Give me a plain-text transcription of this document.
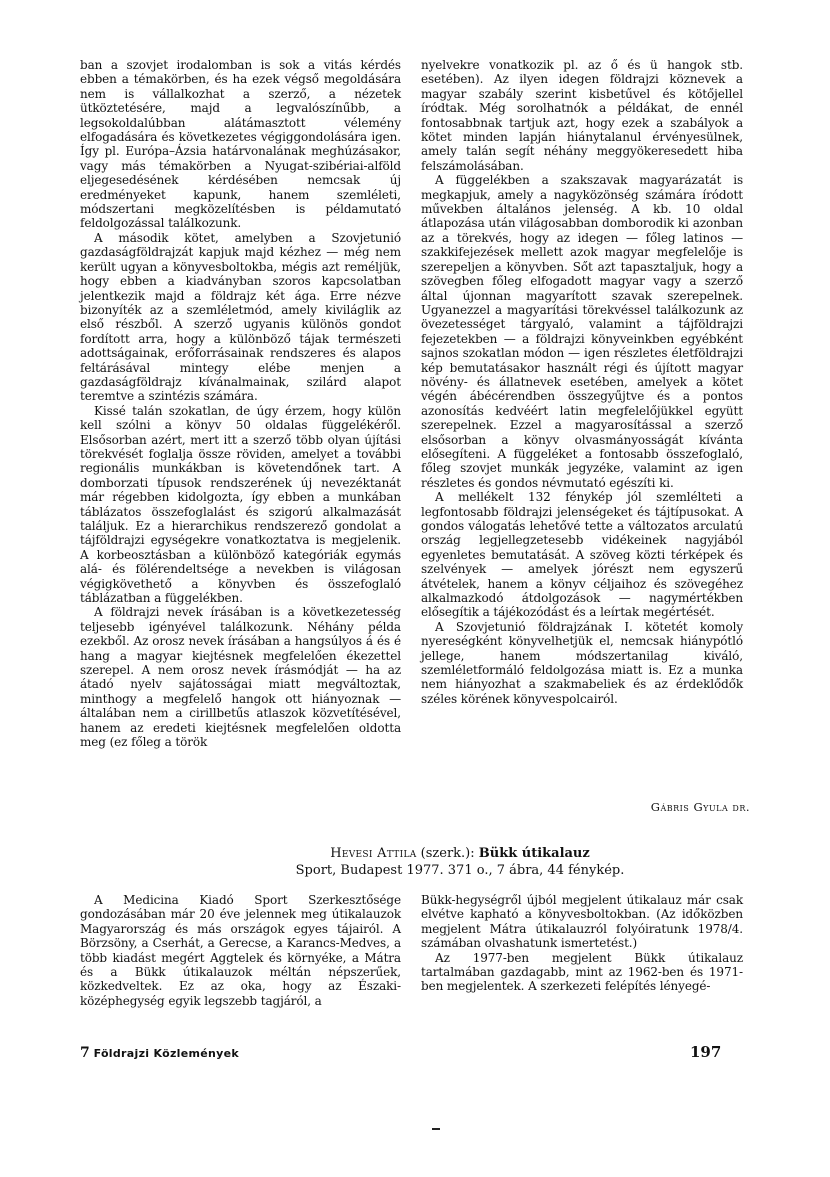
ban a szovjet irodalomban is sok a vitás kérdés ebben a témakörben, és ha ezek végső megoldására nem is vállalkozhat a szerző, a nézetek ütköztetésére, majd a legvalószínűbb, a legsokoldalúbban alátámasztott vélemény elfogadására és következetes végiggondolására igen. Így pl. Európa–Ázsia határvonalának meghúzásakor, vagy más témakörben a Nyugat-szibériai-alföld eljegesedésének kérdésében nemcsak új eredményeket kapunk, hanem szemléleti, módszertani megközelítésben is példamutató feldolgozással találkozunk.

A második kötet, amelyben a Szovjetunió gazdaságföldrajzát kapjuk majd kézhez — még nem került ugyan a könyvesboltokba, mégis azt reméljük, hogy ebben a kiadványban szoros kapcsolatban jelentkezik majd a földrajz két ága. Erre nézve bizonyíték az a szemléletmód, amely kiviláglik az első részből. A szerző ugyanis különös gondot fordított arra, hogy a különböző tájak természeti adottságainak, erőforrásainak rendszeres és alapos feltárásával mintegy elébe menjen a gazdaságföldrajz kívánalmainak, szilárd alapot teremtve a szintézis számára.

Kissé talán szokatlan, de úgy érzem, hogy külön kell szólni a könyv 50 oldalas függelékéről. Elsősorban azért, mert itt a szerző több olyan újítási törekvését foglalja össze röviden, amelyet a további regionális munkákban is követendőnek tart. A domborzati típusok rendszerének új nevezéktanát már régebben kidolgozta, így ebben a munkában táblázatos összefoglalást és szigorú alkalmazását találjuk. Ez a hierarchikus rendszerező gondolat a tájföldrajzi egységekre vonatkoztatva is megjelenik. A korbeosztásban a különböző kategóriák egymás alá- és fölérendeltsége a nevekben is világosan végigkövethető a könyvben és összefoglaló táblázatban a függelékben.

A földrajzi nevek írásában is a következetesség teljesebb igényével találkozunk. Néhány példa ezekből. Az orosz nevek írásában a hangsúlyos á és é hang a magyar kiejtésnek megfelelően ékezettel szerepel. A nem orosz nevek írásmódját — ha az átadó nyelv sajátosságai miatt megváltoztak, minthogy a megfelelő hangok ott hiányoznak — általában nem a cirillbetűs atlaszok közvetítésével, hanem az eredeti kiejtésnek megfelelően oldotta meg (ez főleg a török

nyelvekre vonatkozik pl. az ő és ü hangok stb. esetében). Az ilyen idegen földrajzi köznevek a magyar szabály szerint kisbetűvel és kötőjellel íródtak. Még sorolhatnók a példákat, de ennél fontosabbnak tartjuk azt, hogy ezek a szabályok a kötet minden lapján hiánytalanul érvényesülnek, amely talán segít néhány meggyökeresedett hiba felszámolásában.

A függelékben a szakszavak magyarázatát is megkapjuk, amely a nagyközönség számára íródott művekben általános jelenség. A kb. 10 oldal átlapozása után világosabban domborodik ki azonban az a törekvés, hogy az idegen — főleg latinos — szakkifejezések mellett azok magyar megfelelője is szerepeljen a könyvben. Sőt azt tapasztaljuk, hogy a szövegben főleg elfogadott magyar vagy a szerző által újonnan magyarított szavak szerepelnek. Ugyanezzel a magyarítási törekvéssel találkozunk az övezetességet tárgyaló, valamint a tájföldrajzi fejezetekben — a földrajzi könyveinkben egyébként sajnos szokatlan módon — igen részletes életföldrajzi kép bemutatásakor használt régi és újított magyar növény- és állatnevek esetében, amelyek a kötet végén ábécérendben összegyűjtve és a pontos azonosítás kedvéért latin megfelelőjükkel együtt szerepelnek. Ezzel a magyarosítással a szerző elsősorban a könyv olvasmányosságát kívánta elősegíteni. A függeléket a fontosabb összefoglaló, főleg szovjet munkák jegyzéke, valamint az igen részletes és gondos névmutató egészíti ki.

A mellékelt 132 fénykép jól szemlélteti a legfontosabb földrajzi jelenségeket és tájtípusokat. A gondos válogatás lehetővé tette a változatos arculatú ország legjellegzetesebb vidékeinek nagyjából egyenletes bemutatását. A szöveg közti térképek és szelvények — amelyek jórészt nem egyszerű átvételek, hanem a könyv céljaihoz és szövegéhez alkalmazkodó átdolgozások — nagymértékben elősegítik a tájékozódást és a leírtak megértését.

A Szovjetunió földrajzának I. kötetét komoly nyereségként könyvelhetjük el, nemcsak hiánypótló jellege, hanem módszertanilag kiváló, szemléletformáló feldolgozása miatt is. Ez a munka nem hiányozhat a szakmabeliek és az érdeklődők széles körének könyvespolcairól.

Gábris Gyula dr.
Hevesi Attila (szerk.): Bükk útikalauz
Sport, Budapest 1977. 371 o., 7 ábra, 44 fénykép.

A Medicina Kiadó Sport Szerkesztősége gondozásában már 20 éve jelennek meg útikalauzok Magyarország és más országok egyes tájairól. A Börzsöny, a Cserhát, a Gerecse, a Karancs-Medves, a több kiadást megért Aggtelek és környéke, a Mátra és a Bükk útikalauzok méltán népszerűek, közkedveltek. Ez az oka, hogy az Északi-középhegység egyik legszebb tagjáról, a

Bükk-hegységről újból megjelent útikalauz már csak elvétve kapható a könyvesboltokban. (Az időközben megjelent Mátra útikalauzról folyóiratunk 1978/4. számában olvashatunk ismertetést.)

Az 1977-ben megjelent Bükk útikalauz tartalmában gazdagabb, mint az 1962-ben és 1971-ben megjelentek. A szerkezeti felépítés lényegé-

7 Földrajzi Közlemények	197
